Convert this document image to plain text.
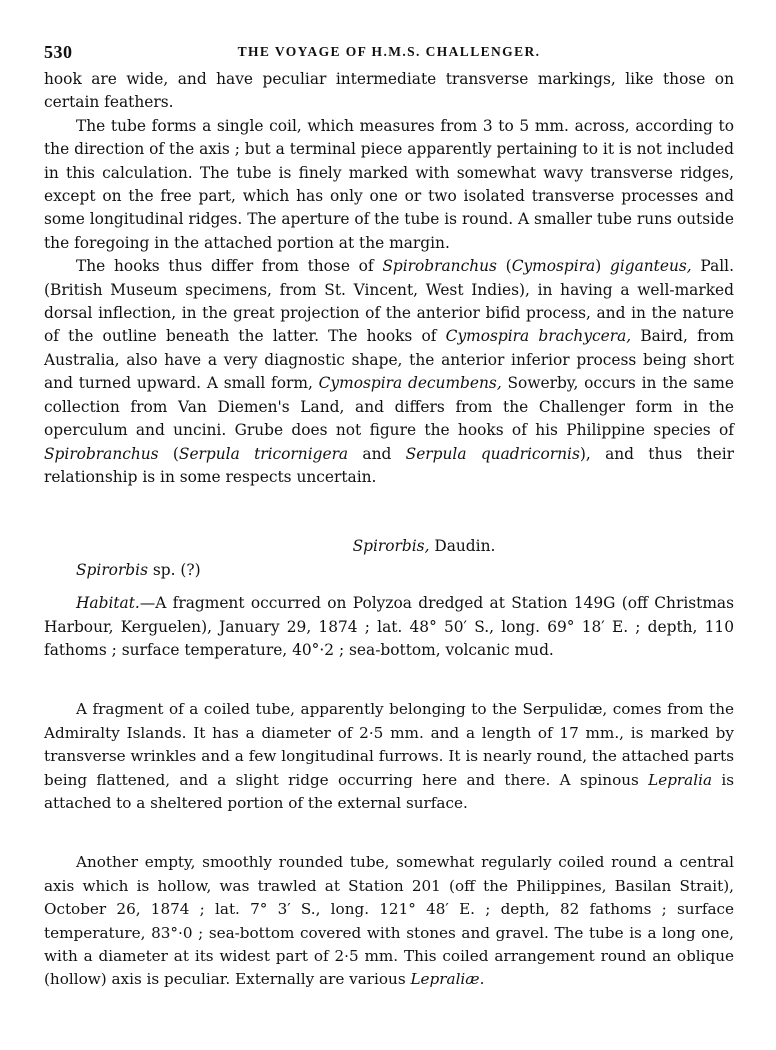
530	THE VOYAGE OF H.M.S. CHALLENGER.

hook are wide, and have peculiar intermediate transverse markings, like those on certain feathers.

The tube forms a single coil, which measures from 3 to 5 mm. across, according to the direction of the axis ; but a terminal piece apparently pertaining to it is not included in this calculation. The tube is finely marked with somewhat wavy transverse ridges, except on the free part, which has only one or two isolated transverse processes and some longitudinal ridges. The aperture of the tube is round. A smaller tube runs outside the foregoing in the attached portion at the margin.

The hooks thus differ from those of Spirobranchus (Cymospira) giganteus, Pall. (British Museum specimens, from St. Vincent, West Indies), in having a well-marked dorsal inflection, in the great projection of the anterior bifid process, and in the nature of the outline beneath the latter. The hooks of Cymospira brachycera, Baird, from Australia, also have a very diagnostic shape, the anterior inferior process being short and turned upward. A small form, Cymospira decumbens, Sowerby, occurs in the same collection from Van Diemen's Land, and differs from the Challenger form in the operculum and uncini. Grube does not figure the hooks of his Philippine species of Spirobranchus (Serpula tricornigera and Serpula quadricornis), and thus their relationship is in some respects uncertain.

Spirorbis, Daudin.

Spirorbis sp. (?)

Habitat.—A fragment occurred on Polyzoa dredged at Station 149G (off Christmas Harbour, Kerguelen), January 29, 1874 ; lat. 48° 50′ S., long. 69° 18′ E. ; depth, 110 fathoms ; surface temperature, 40°·2 ; sea-bottom, volcanic mud.

A fragment of a coiled tube, apparently belonging to the Serpulidæ, comes from the Admiralty Islands. It has a diameter of 2·5 mm. and a length of 17 mm., is marked by transverse wrinkles and a few longitudinal furrows. It is nearly round, the attached parts being flattened, and a slight ridge occurring here and there. A spinous Lepralia is attached to a sheltered portion of the external surface.

Another empty, smoothly rounded tube, somewhat regularly coiled round a central axis which is hollow, was trawled at Station 201 (off the Philippines, Basilan Strait), October 26, 1874 ; lat. 7° 3′ S., long. 121° 48′ E. ; depth, 82 fathoms ; surface temperature, 83°·0 ; sea-bottom covered with stones and gravel. The tube is a long one, with a diameter at its widest part of 2·5 mm. This coiled arrangement round an oblique (hollow) axis is peculiar. Externally are various Lepraliæ.
